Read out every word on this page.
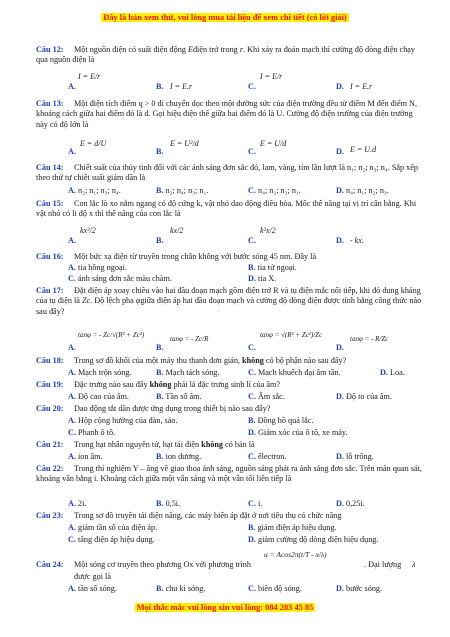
Đây là bản xem thử, vui lòng mua tài liệu để xem chi tiết (có lời giải)
Câu 12: Một nguồn điện có suất điện động Eđiện trở trong r. Khi xảy ra đoản mạch thì cường độ dòng điện chạy qua nguồn điện là
A.
I = E/r
B. I = E.r	C.
I = E/r
D. I = E.r
Câu 13: Một điện tích điểm q > 0 di chuyển dọc theo một đường sức của điện trường đều từ điểm M đến điểm N, khoảng cách giữa hai điểm đó là d. Gọi hiệu điện thế giữa hai điểm đó là U. Cường độ điện trường của điện trường này có độ lớn là
A.
E = d/U
B.
E = U²/d
C.
E = U/d
D. E = U.d
Câu 14: Chiết suất của thủy tinh đối với các ánh sáng đơn sắc đỏ, lam, vàng, tím lần lượt là n₁; n₂; n₃; n₄. Sắp xếp theo thứ tự chiết suất giảm dần là
A. n₂; n₁; n₃; n₄.	B. n₂; n₄; n₃; n₁.	C. n₄; n₂; n₃; n₁.	D. n₄; n₁; n₂; n₃.
Câu 15: Con lắc lò xo nằm ngang có độ cứng k, vật nhỏ dao động điều hòa. Mốc thế năng tại vị trí cân bằng. Khi vật nhỏ có li độ x thì thế năng của con lắc là
A.
kx²/2
B.
kx/2
C.
k²x/2
D. - kx.
Câu 16: Một bức xạ điện từ truyền trong chân không với bước sóng 45 nm. Đây là
A. tia hồng ngoại.	B. tia tử ngoại.
C. ánh sáng đơn sắc màu chàm.	D. tia X.
Câu 17: Đặt điện áp xoay chiều vào hai đầu đoạn mạch gồm điện trở R và tụ điện mắc nối tiếp, khi đó dung kháng của tụ điện là Zc. Độ lệch pha φgiữa điện áp hai đầu đoạn mạch và cường độ dòng điện được tính bằng công thức nào sau đây?
A.
tanφ = - Zc/√(R² + Zc²)
B.
tanφ = - Zc/R
C.
tanφ = √(R² + Zc²)/Zc
D.
tanφ = - R/Zc
Câu 18: Trong sơ đồ khối của một máy thu thanh đơn giản, không có bộ phận nào sau đây?
A. Mạch trộn sóng.	B. Mạch tách sóng.	C. Mạch khuếch đại âm tần.	D. Loa.
Câu 19: Đặc trưng nào sau đây không phải là đặc trưng sinh lí của âm?
A. Độ cao của âm.	B. Tần số âm.	C. Âm sắc.	D. Độ to của âm.
Câu 20: Dao động tắt dần được ứng dụng trong thiết bị nào sau đây?
A. Hộp cộng hưởng của đàn, sáo.	B. Đồng hồ quả lắc.
C. Phanh ô tô.	D. Giảm xóc của ô tô, xe máy.
Câu 21: Trong hạt nhân nguyên tử, hạt tải điện không có bản là
A. ion âm.	B. ion dương.	C. êlectron.	D. lỗ trống.
Câu 22: Trong thí nghiệm Y – âng về giao thoa ánh sáng, nguồn sáng phát ra ánh sáng đơn sắc. Trên màn quan sát, khoảng vân bằng i. Khoảng cách giữa một vân sáng và một vân tối liên tiếp là
A. 2i.	B. 0,5i.	C. i.	D. 0,25i.
Câu 23: Trong sơ đồ truyền tải điện năng, các máy biến áp đặt ở nơi tiêu thụ có chức năng
A. giảm tần số của điện áp.	B. giảm điện áp hiệu dụng.
C. tăng điện áp hiệu dụng.	D. giảm cường độ dòng điện hiệu dụng.
Câu 24:	Một sóng cơ truyền theo phương Ox với phương trình
u = Acos2π(t/T - x/λ)
. Đại lượng λ
được gọi là
A. tần số sóng.	B. chu kì sóng.	C. biên độ sóng.	D. bước sóng.
Mọi thắc mắc vui lòng xin vui lòng: 084 283 45 85
